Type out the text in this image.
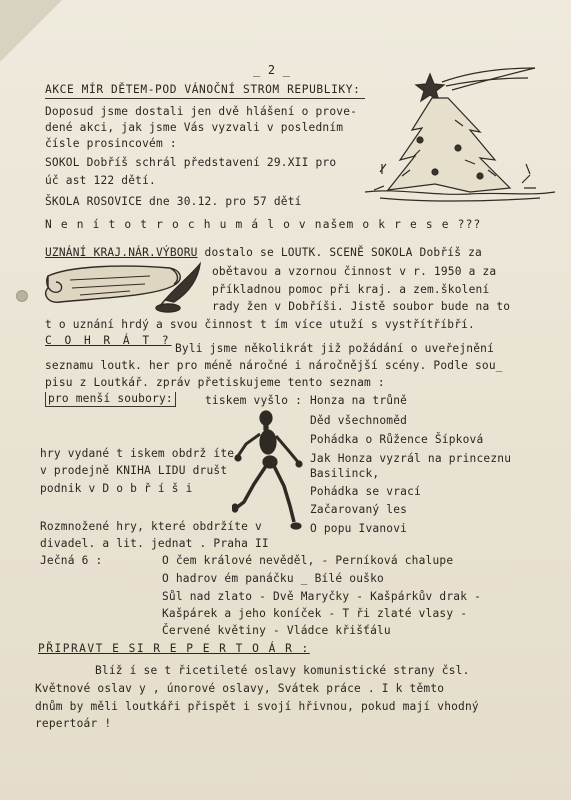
_ 2 _
AKCE MÍR DĚTEM-POD VÁNOČNÍ STROM REPUBLIKY:
Doposud jsme dostali jen dvě hlášení o prove-
dené akci, jak jsme Vás vyzvali v posledním
čísle prosincovém :
SOKOL Dobříš schrál představení 29.XII pro
úč ast 122 dětí.
ŠKOLA ROSOVICE dne 30.12. pro 57 dětí
N e n í t o t r o c h u m á l o v našem o k r e s e ???
UZNÁNÍ KRAJ.NÁR.VÝBORU dostalo se LOUTK. SCENĚ SOKOLA Dobříš za
obětavou a vzornou činnost v r. 1950 a za
příkladnou pomoc při kraj. a zem.školení
rady žen v Dobříši. Jistě soubor bude na to
t o uznání hrdý a svou činnost t ím více utuží s vystřítříbří.
C O H R Á T ?
Byli jsme několikrát již požádání o uveřejnění
seznamu loutk. her pro méně náročné i náročnější scény. Podle sou_
pisu z Loutkář. zpráv přetiskujeme tento seznam :
pro menší soubory:	tiskem vyšlo : Honza na trůně
Děd všechnoměd
Pohádka o Růžence Šípková
Jak Honza vyzrál na princeznu
Basilinck,
Pohádka se vrací
Začarovaný les
O popu Ivanovi
hry vydané t iskem obdrž íte
v prodejně KNIHA LIDU društ
podnik v D o b ř í š i
Rozmnožené hry, které obdržíte v
divadel. a lit. jednat . Praha II
Ječná 6 :	O čem králové nevěděl, - Perníková chalupe
O hadrov ém panáčku _ Bílé ouško
Sůl nad zlato - Dvě Maryčky - Kašpárkův drak -
Kašpárek a jeho koníček - T ři zlaté vlasy -
Červené květiny - Vládce křišťálu
PŘIPRAVT E SI R E P E R T O Á R :
Blíž í se t řicetileté oslavy komunistické strany čsl.
Květnové oslav y , únorové oslavy, Svátek práce . I k těmto
dnům by měli loutkáři přispět i svojí hřivnou, pokud mají vhodný
repertoár !
